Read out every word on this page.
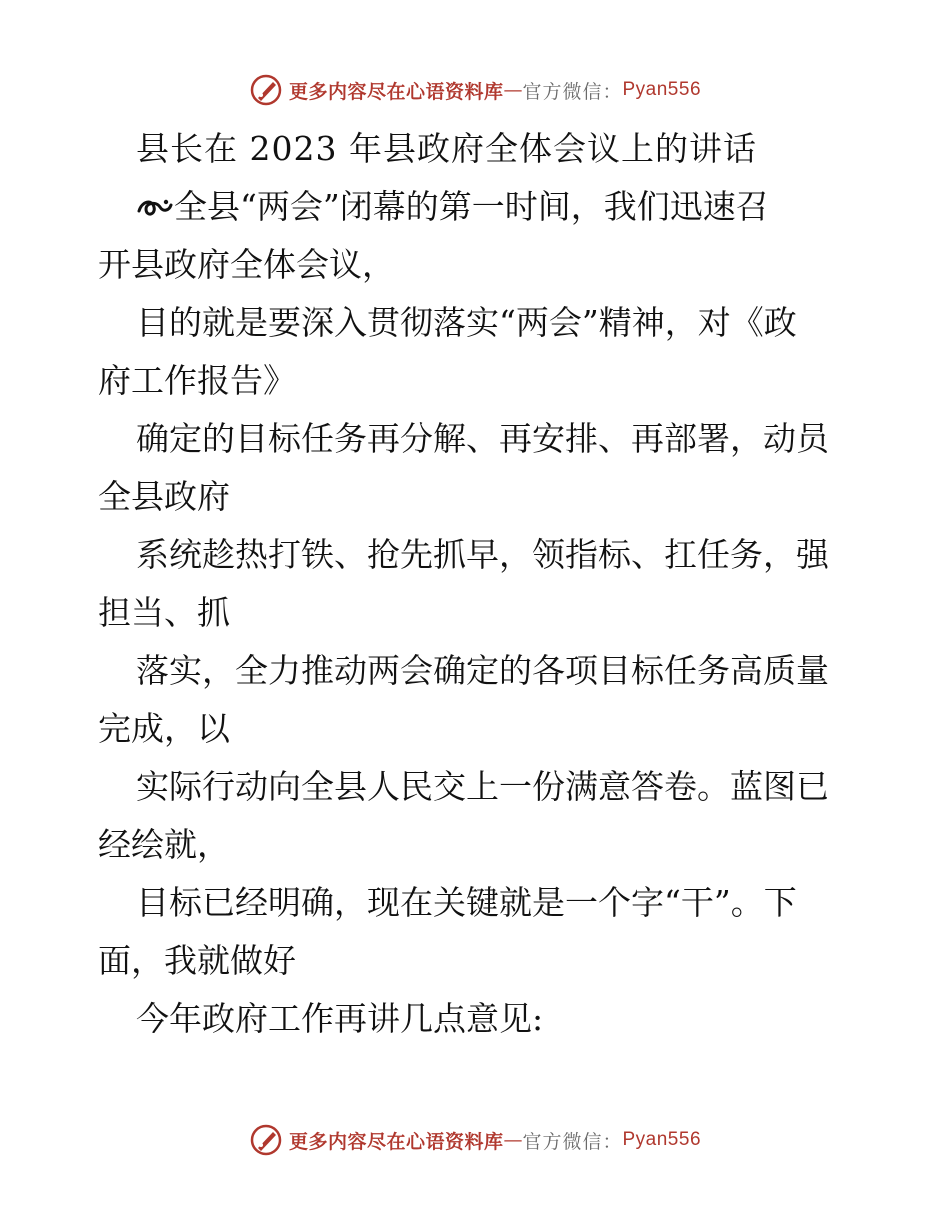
更多内容尽在心语资料库 — 官方微信： Pyan556
县长在 2023 年县政府全体会议上的讲话
全县“两会”闭幕的第一时间，我们迅速召
开县政府全体会议，
目的就是要深入贯彻落实“两会”精神，对《政
府工作报告》
确定的目标任务再分解、再安排、再部署，动员
全县政府
系统趁热打铁、抢先抓早，领指标、扛任务，强
担当、抓
落实，全力推动两会确定的各项目标任务高质量
完成，以
实际行动向全县人民交上一份满意答卷。蓝图已
经绘就，
目标已经明确，现在关键就是一个字“干”。下
面，我就做好
今年政府工作再讲几点意见:
更多内容尽在心语资料库 — 官方微信： Pyan556
